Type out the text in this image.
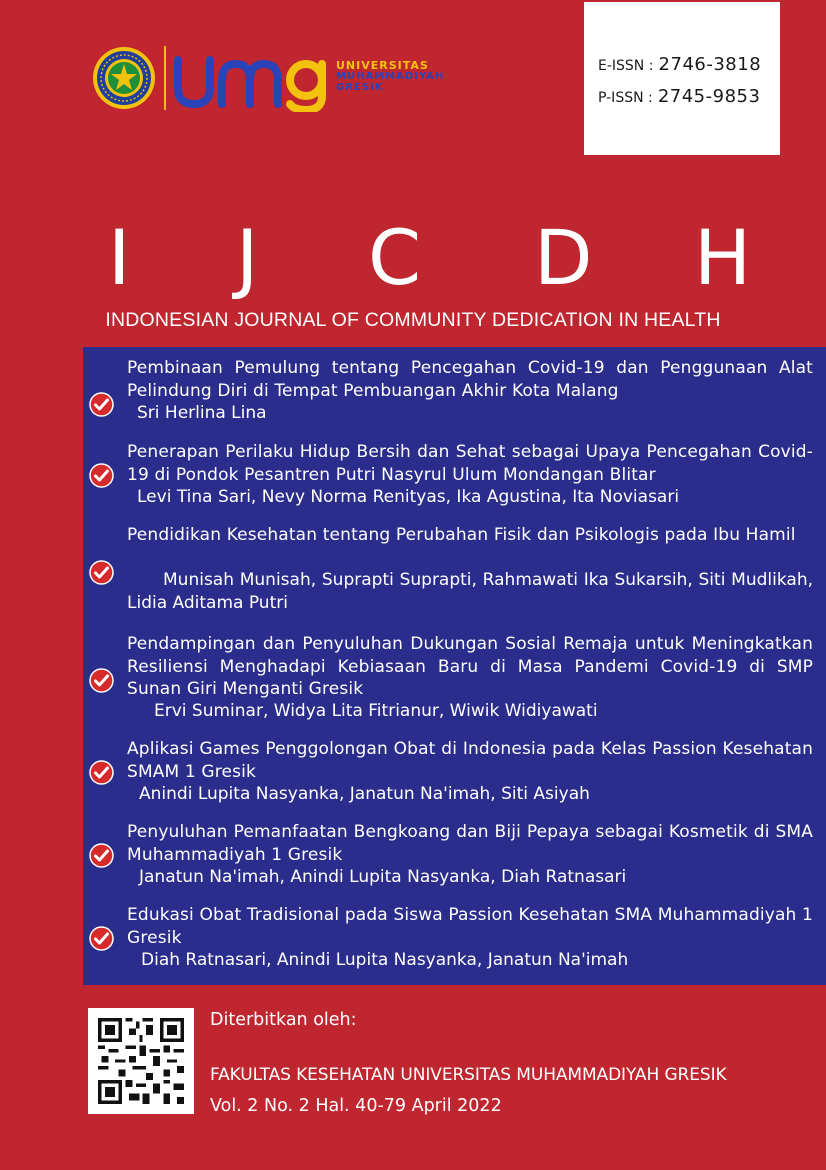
UNIVERSITAS
MUHAMMADIYAH
GRESIK
E-ISSN : 2746-3818
P-ISSN : 2745-9853
I J C D H
INDONESIAN JOURNAL OF COMMUNITY DEDICATION IN HEALTH
Pembinaan Pemulung tentang Pencegahan Covid-19 dan Penggunaan Alat Pelindung Diri di Tempat Pembuangan Akhir Kota Malang
Sri Herlina Lina
Penerapan Perilaku Hidup Bersih dan Sehat sebagai Upaya Pencegahan Covid-19 di Pondok Pesantren Putri Nasyrul Ulum Mondangan Blitar
Levi Tina Sari, Nevy Norma Renityas, Ika Agustina, Ita Noviasari
Pendidikan Kesehatan tentang Perubahan Fisik dan Psikologis pada Ibu Hamil
Munisah Munisah, Suprapti Suprapti, Rahmawati Ika Sukarsih, Siti Mudlikah, Lidia Aditama Putri
Pendampingan dan Penyuluhan Dukungan Sosial Remaja untuk Meningkatkan Resiliensi Menghadapi Kebiasaan Baru di Masa Pandemi Covid-19 di SMP Sunan Giri Menganti Gresik
Ervi Suminar, Widya Lita Fitrianur, Wiwik Widiyawati
Aplikasi Games Penggolongan Obat di Indonesia pada Kelas Passion Kesehatan SMAM 1 Gresik
Anindi Lupita Nasyanka, Janatun Na'imah, Siti Asiyah
Penyuluhan Pemanfaatan Bengkoang dan Biji Pepaya sebagai Kosmetik di SMA Muhammadiyah 1 Gresik
Janatun Na'imah, Anindi Lupita Nasyanka, Diah Ratnasari
Edukasi Obat Tradisional pada Siswa Passion Kesehatan SMA Muhammadiyah 1 Gresik
Diah Ratnasari, Anindi Lupita Nasyanka, Janatun Na'imah
Diterbitkan oleh:
FAKULTAS KESEHATAN UNIVERSITAS MUHAMMADIYAH GRESIK
Vol. 2 No. 2 Hal. 40-79 April 2022
